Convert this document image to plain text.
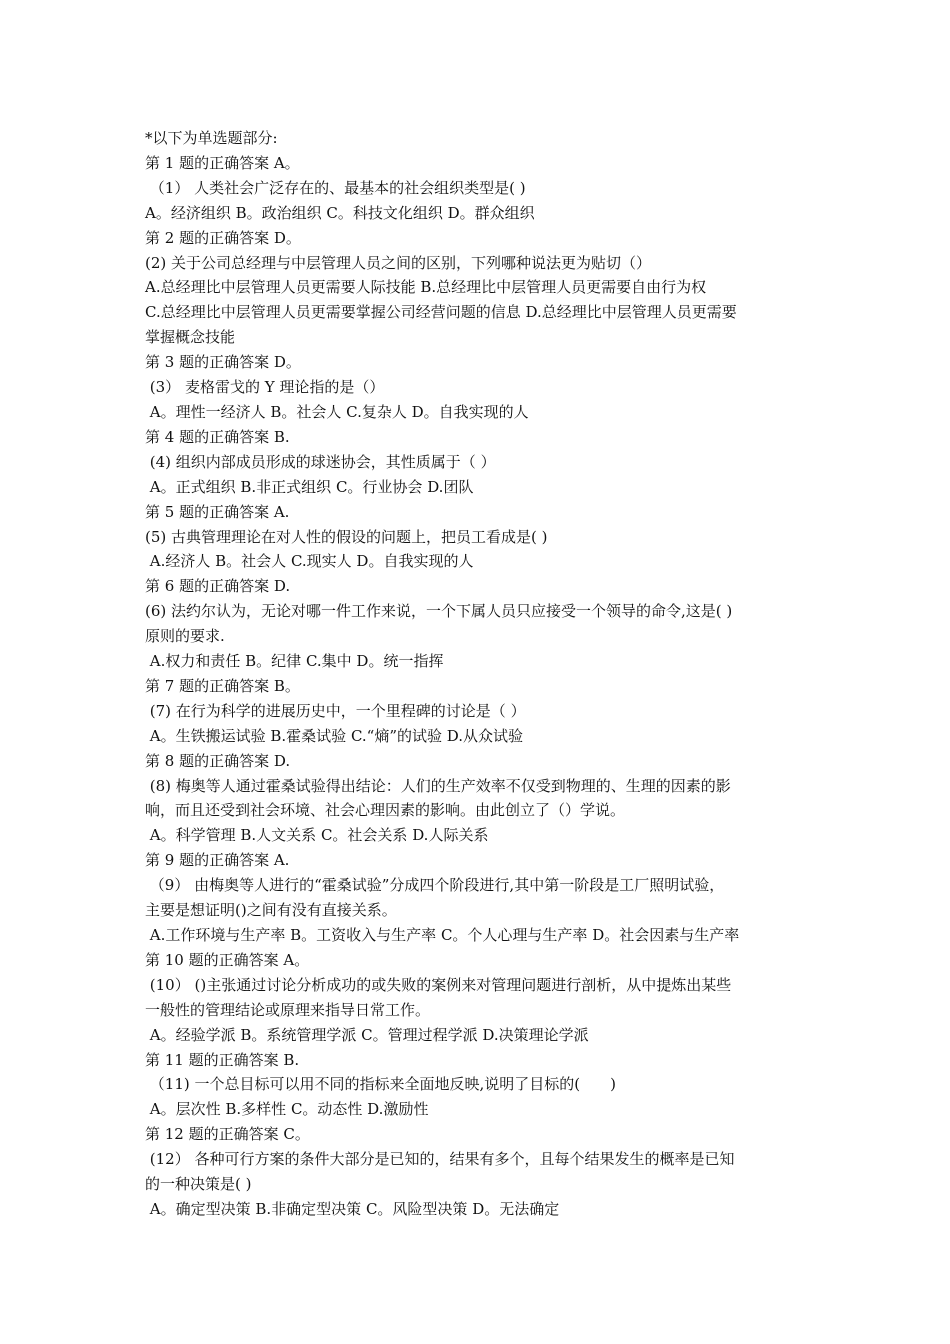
*以下为单选题部分:

第 1 题的正确答案 A。

（1） 人类社会广泛存在的、最基本的社会组织类型是( )

A。经济组织 B。政治组织 C。科技文化组织 D。群众组织

第 2 题的正确答案 D。

(2) 关于公司总经理与中层管理人员之间的区别，下列哪种说法更为贴切（）

A.总经理比中层管理人员更需要人际技能 B.总经理比中层管理人员更需要自由行为权

C.总经理比中层管理人员更需要掌握公司经营问题的信息 D.总经理比中层管理人员更需要

掌握概念技能

第 3 题的正确答案 D。

(3） 麦格雷戈的 Y 理论指的是（）

A。理性一经济人 B。社会人 C.复杂人 D。自我实现的人

第 4 题的正确答案 B.

(4) 组织内部成员形成的球迷协会，其性质属于（ ）

A。正式组织 B.非正式组织 C。行业协会 D.团队

第 5 题的正确答案 A.

(5) 古典管理理论在对人性的假设的问题上，把员工看成是( )

A.经济人 B。社会人 C.现实人 D。自我实现的人

第 6 题的正确答案 D.

(6) 法约尔认为，无论对哪一件工作来说，一个下属人员只应接受一个领导的命令,这是( )

原则的要求.

A.权力和责任 B。纪律 C.集中 D。统一指挥

第 7 题的正确答案 B。

(7) 在行为科学的进展历史中，一个里程碑的讨论是（ ）

A。生铁搬运试验 B.霍桑试验 C.“熵”的试验 D.从众试验

第 8 题的正确答案 D.

(8) 梅奥等人通过霍桑试验得出结论：人们的生产效率不仅受到物理的、生理的因素的影

响，而且还受到社会环境、社会心理因素的影响。由此创立了（）学说。

A。科学管理 B.人文关系 C。社会关系 D.人际关系

第 9 题的正确答案 A.

（9） 由梅奥等人进行的“霍桑试验”分成四个阶段进行,其中第一阶段是工厂照明试验，

主要是想证明()之间有没有直接关系。

A.工作环境与生产率 B。工资收入与生产率 C。个人心理与生产率 D。社会因素与生产率

第 10 题的正确答案 A。

(10） ()主张通过讨论分析成功的或失败的案例来对管理问题进行剖析，从中提炼出某些

一般性的管理结论或原理来指导日常工作。

A。经验学派 B。系统管理学派 C。管理过程学派 D.决策理论学派

第 11 题的正确答案 B.

（11) 一个总目标可以用不同的指标来全面地反映,说明了目标的(　　)

A。层次性 B.多样性 C。动态性 D.激励性

第 12 题的正确答案 C。

(12） 各种可行方案的条件大部分是已知的，结果有多个，且每个结果发生的概率是已知

的一种决策是( )

A。确定型决策 B.非确定型决策 C。风险型决策 D。无法确定
